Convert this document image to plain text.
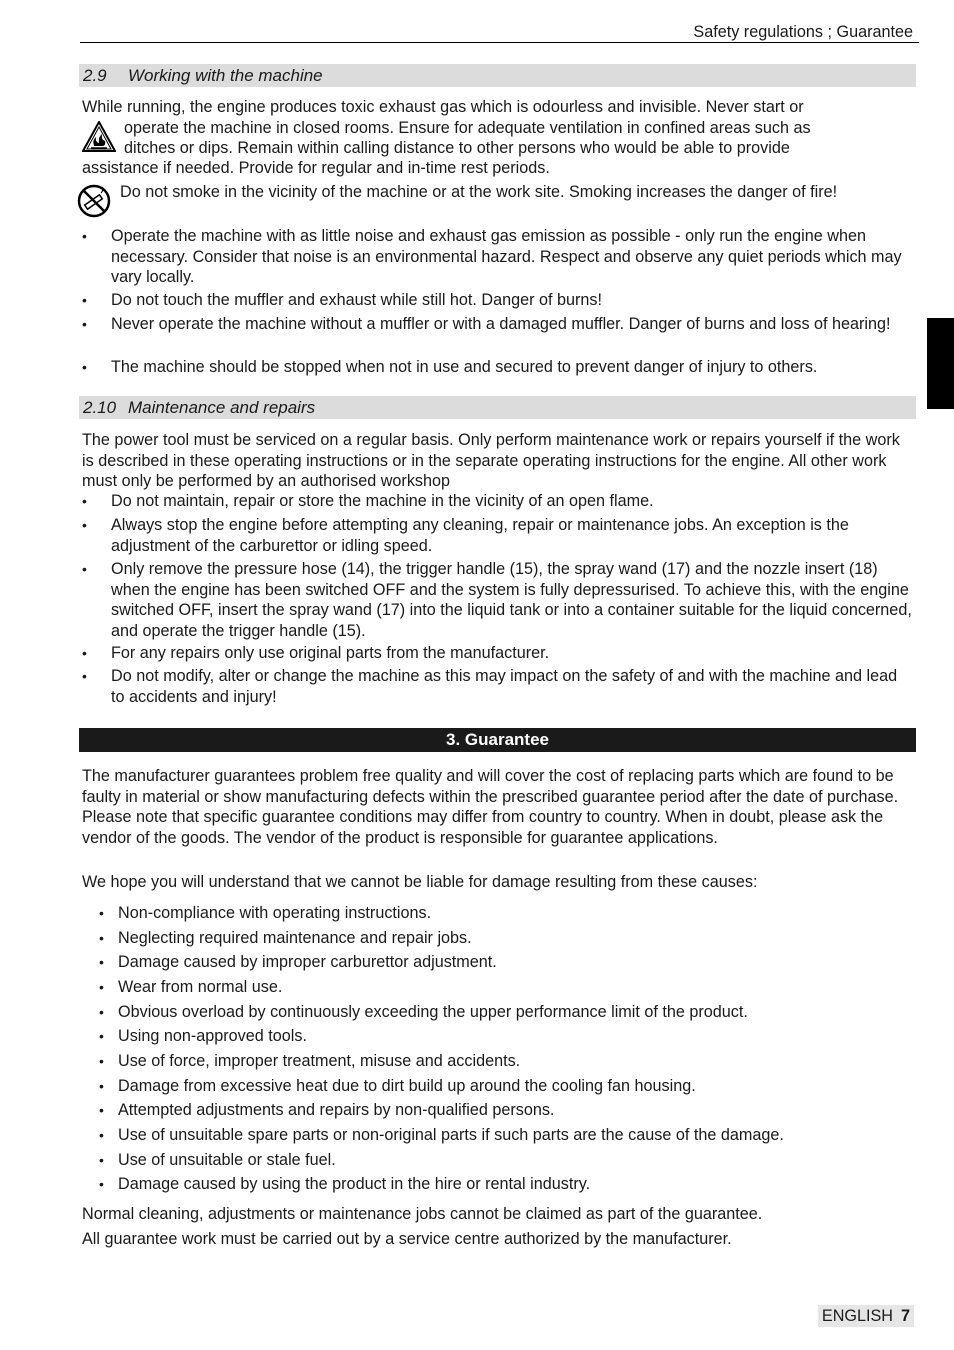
Safety regulations ; Guarantee
2.9 Working with the machine
While running, the engine produces toxic exhaust gas which is odourless and invisible. Never start or
operate the machine in closed rooms. Ensure for adequate ventilation in confined areas such as
ditches or dips. Remain within calling distance to other persons who would be able to provide
assistance if needed. Provide for regular and in-time rest periods.
Do not smoke in the vicinity of the machine or at the work site. Smoking increases the danger of fire!
• Operate the machine with as little noise and exhaust gas emission as possible - only run the engine when necessary. Consider that noise is an environmental hazard. Respect and observe any quiet periods which may vary locally.
• Do not touch the muffler and exhaust while still hot. Danger of burns!
• Never operate the machine without a muffler or with a damaged muffler. Danger of burns and loss of hearing!
• The machine should be stopped when not in use and secured to prevent danger of injury to others.
2.10 Maintenance and repairs

The power tool must be serviced on a regular basis. Only perform maintenance work or repairs yourself if the work is described in these operating instructions or in the separate operating instructions for the engine. All other work must only be performed by an authorised workshop

• Do not maintain, repair or store the machine in the vicinity of an open flame.
• Always stop the engine before attempting any cleaning, repair or maintenance jobs. An exception is the adjustment of the carburettor or idling speed.
• Only remove the pressure hose (14), the trigger handle (15), the spray wand (17) and the nozzle insert (18) when the engine has been switched OFF and the system is fully depressurised. To achieve this, with the engine switched OFF, insert the spray wand (17) into the liquid tank or into a container suitable for the liquid concerned, and operate the trigger handle (15).
• For any repairs only use original parts from the manufacturer.
• Do not modify, alter or change the machine as this may impact on the safety of and with the machine and lead to accidents and injury!
3. Guarantee

The manufacturer guarantees problem free quality and will cover the cost of replacing parts which are found to be faulty in material or show manufacturing defects within the prescribed guarantee period after the date of purchase. Please note that specific guarantee conditions may differ from country to country. When in doubt, please ask the vendor of the goods. The vendor of the product is responsible for guarantee applications.

We hope you will understand that we cannot be liable for damage resulting from these causes:
• Non-compliance with operating instructions.
• Neglecting required maintenance and repair jobs.
• Damage caused by improper carburettor adjustment.
• Wear from normal use.
• Obvious overload by continuously exceeding the upper performance limit of the product.
• Using non-approved tools.
• Use of force, improper treatment, misuse and accidents.
• Damage from excessive heat due to dirt build up around the cooling fan housing.
• Attempted adjustments and repairs by non-qualified persons.
• Use of unsuitable spare parts or non-original parts if such parts are the cause of the damage.
• Use of unsuitable or stale fuel.
• Damage caused by using the product in the hire or rental industry.
Normal cleaning, adjustments or maintenance jobs cannot be claimed as part of the guarantee.
All guarantee work must be carried out by a service centre authorized by the manufacturer.
ENGLISH 7
